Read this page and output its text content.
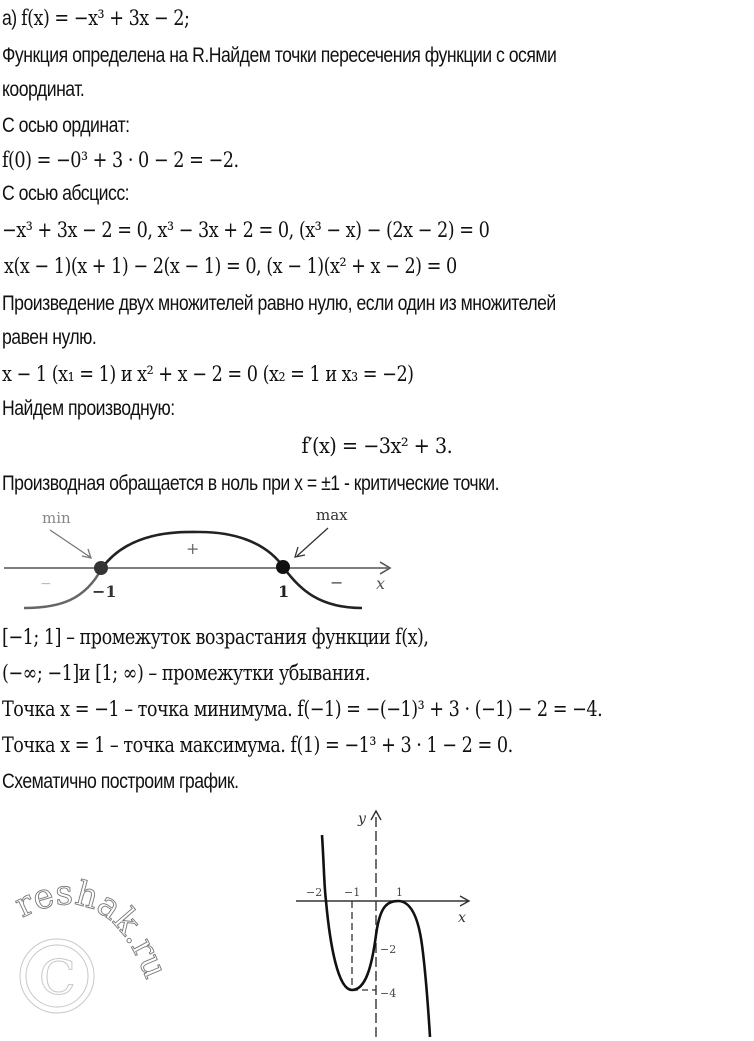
а) f(x) = −x³ + 3x − 2;
Функция определена на R.Найдем точки пересечения функции с осями
координат.
С осью ординат:
f(0) = −0³ + 3 · 0 − 2 = −2.
С осью абсцисс:
−x³ + 3x − 2 = 0, x³ − 3x + 2 = 0, (x³ − x) − (2x − 2) = 0
x(x − 1)(x + 1) − 2(x − 1) = 0, (x − 1)(x² + x − 2) = 0
Произведение двух множителей равно нулю, если один из множителей
равен нулю.
x − 1 (x₁ = 1) и x² + x − 2 = 0 (x₂ = 1 и x₃ = −2)
Найдем производную:
f′(x) = −3x² + 3.
Производная обращается в ноль при x = ±1 - критические точки.
min	max
+
−	−
−1	1	x
[−1; 1] – промежуток возрастания функции f(x),
(−∞; −1]и [1; ∞) – промежутки убывания.
Точка x = −1 – точка минимума. f(−1) = −(−1)³ + 3 · (−1) − 2 = −4.
Точка x = 1 – точка максимума. f(1) = −1³ + 3 · 1 − 2 = 0.
Схематично построим график.
reshak.ru
C
−2 −1	1
−2
−4
x
y
